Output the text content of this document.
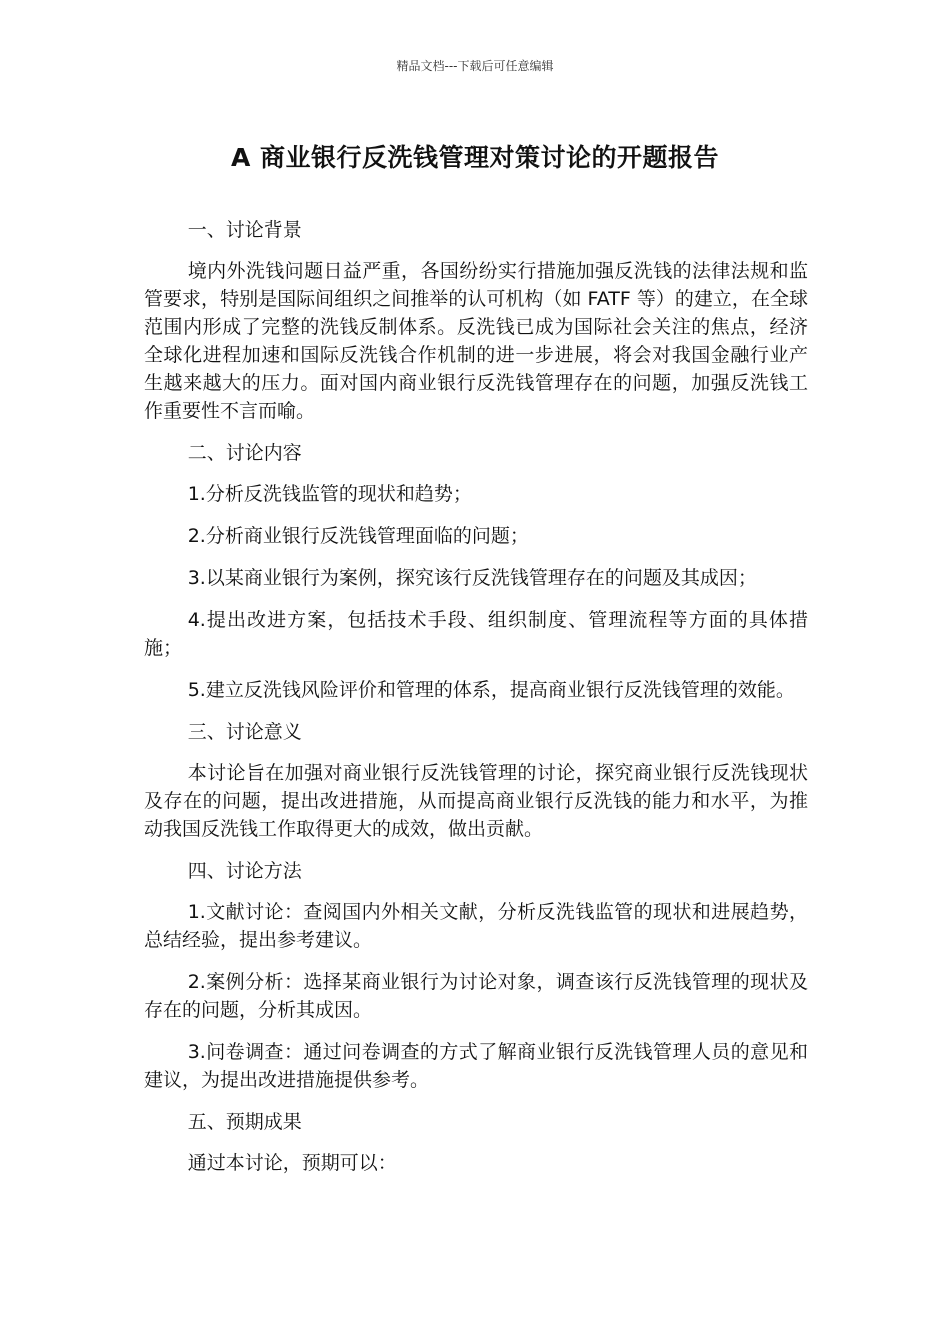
精品文档---下载后可任意编辑
A 商业银行反洗钱管理对策讨论的开题报告

一、讨论背景

境内外洗钱问题日益严重，各国纷纷实行措施加强反洗钱的法律法规和监管要求，特别是国际间组织之间推举的认可机构（如 FATF 等）的建立，在全球范围内形成了完整的洗钱反制体系。反洗钱已成为国际社会关注的焦点，经济全球化进程加速和国际反洗钱合作机制的进一步进展，将会对我国金融行业产生越来越大的压力。面对国内商业银行反洗钱管理存在的问题，加强反洗钱工作重要性不言而喻。

二、讨论内容

1.分析反洗钱监管的现状和趋势；

2.分析商业银行反洗钱管理面临的问题；

3.以某商业银行为案例，探究该行反洗钱管理存在的问题及其成因；

4.提出改进方案，包括技术手段、组织制度、管理流程等方面的具体措施；

5.建立反洗钱风险评价和管理的体系，提高商业银行反洗钱管理的效能。

三、讨论意义

本讨论旨在加强对商业银行反洗钱管理的讨论，探究商业银行反洗钱现状及存在的问题，提出改进措施，从而提高商业银行反洗钱的能力和水平，为推动我国反洗钱工作取得更大的成效，做出贡献。

四、讨论方法

1.文献讨论：查阅国内外相关文献，分析反洗钱监管的现状和进展趋势，总结经验，提出参考建议。

2.案例分析：选择某商业银行为讨论对象，调查该行反洗钱管理的现状及存在的问题，分析其成因。

3.问卷调查：通过问卷调查的方式了解商业银行反洗钱管理人员的意见和建议，为提出改进措施提供参考。

五、预期成果

通过本讨论，预期可以：
